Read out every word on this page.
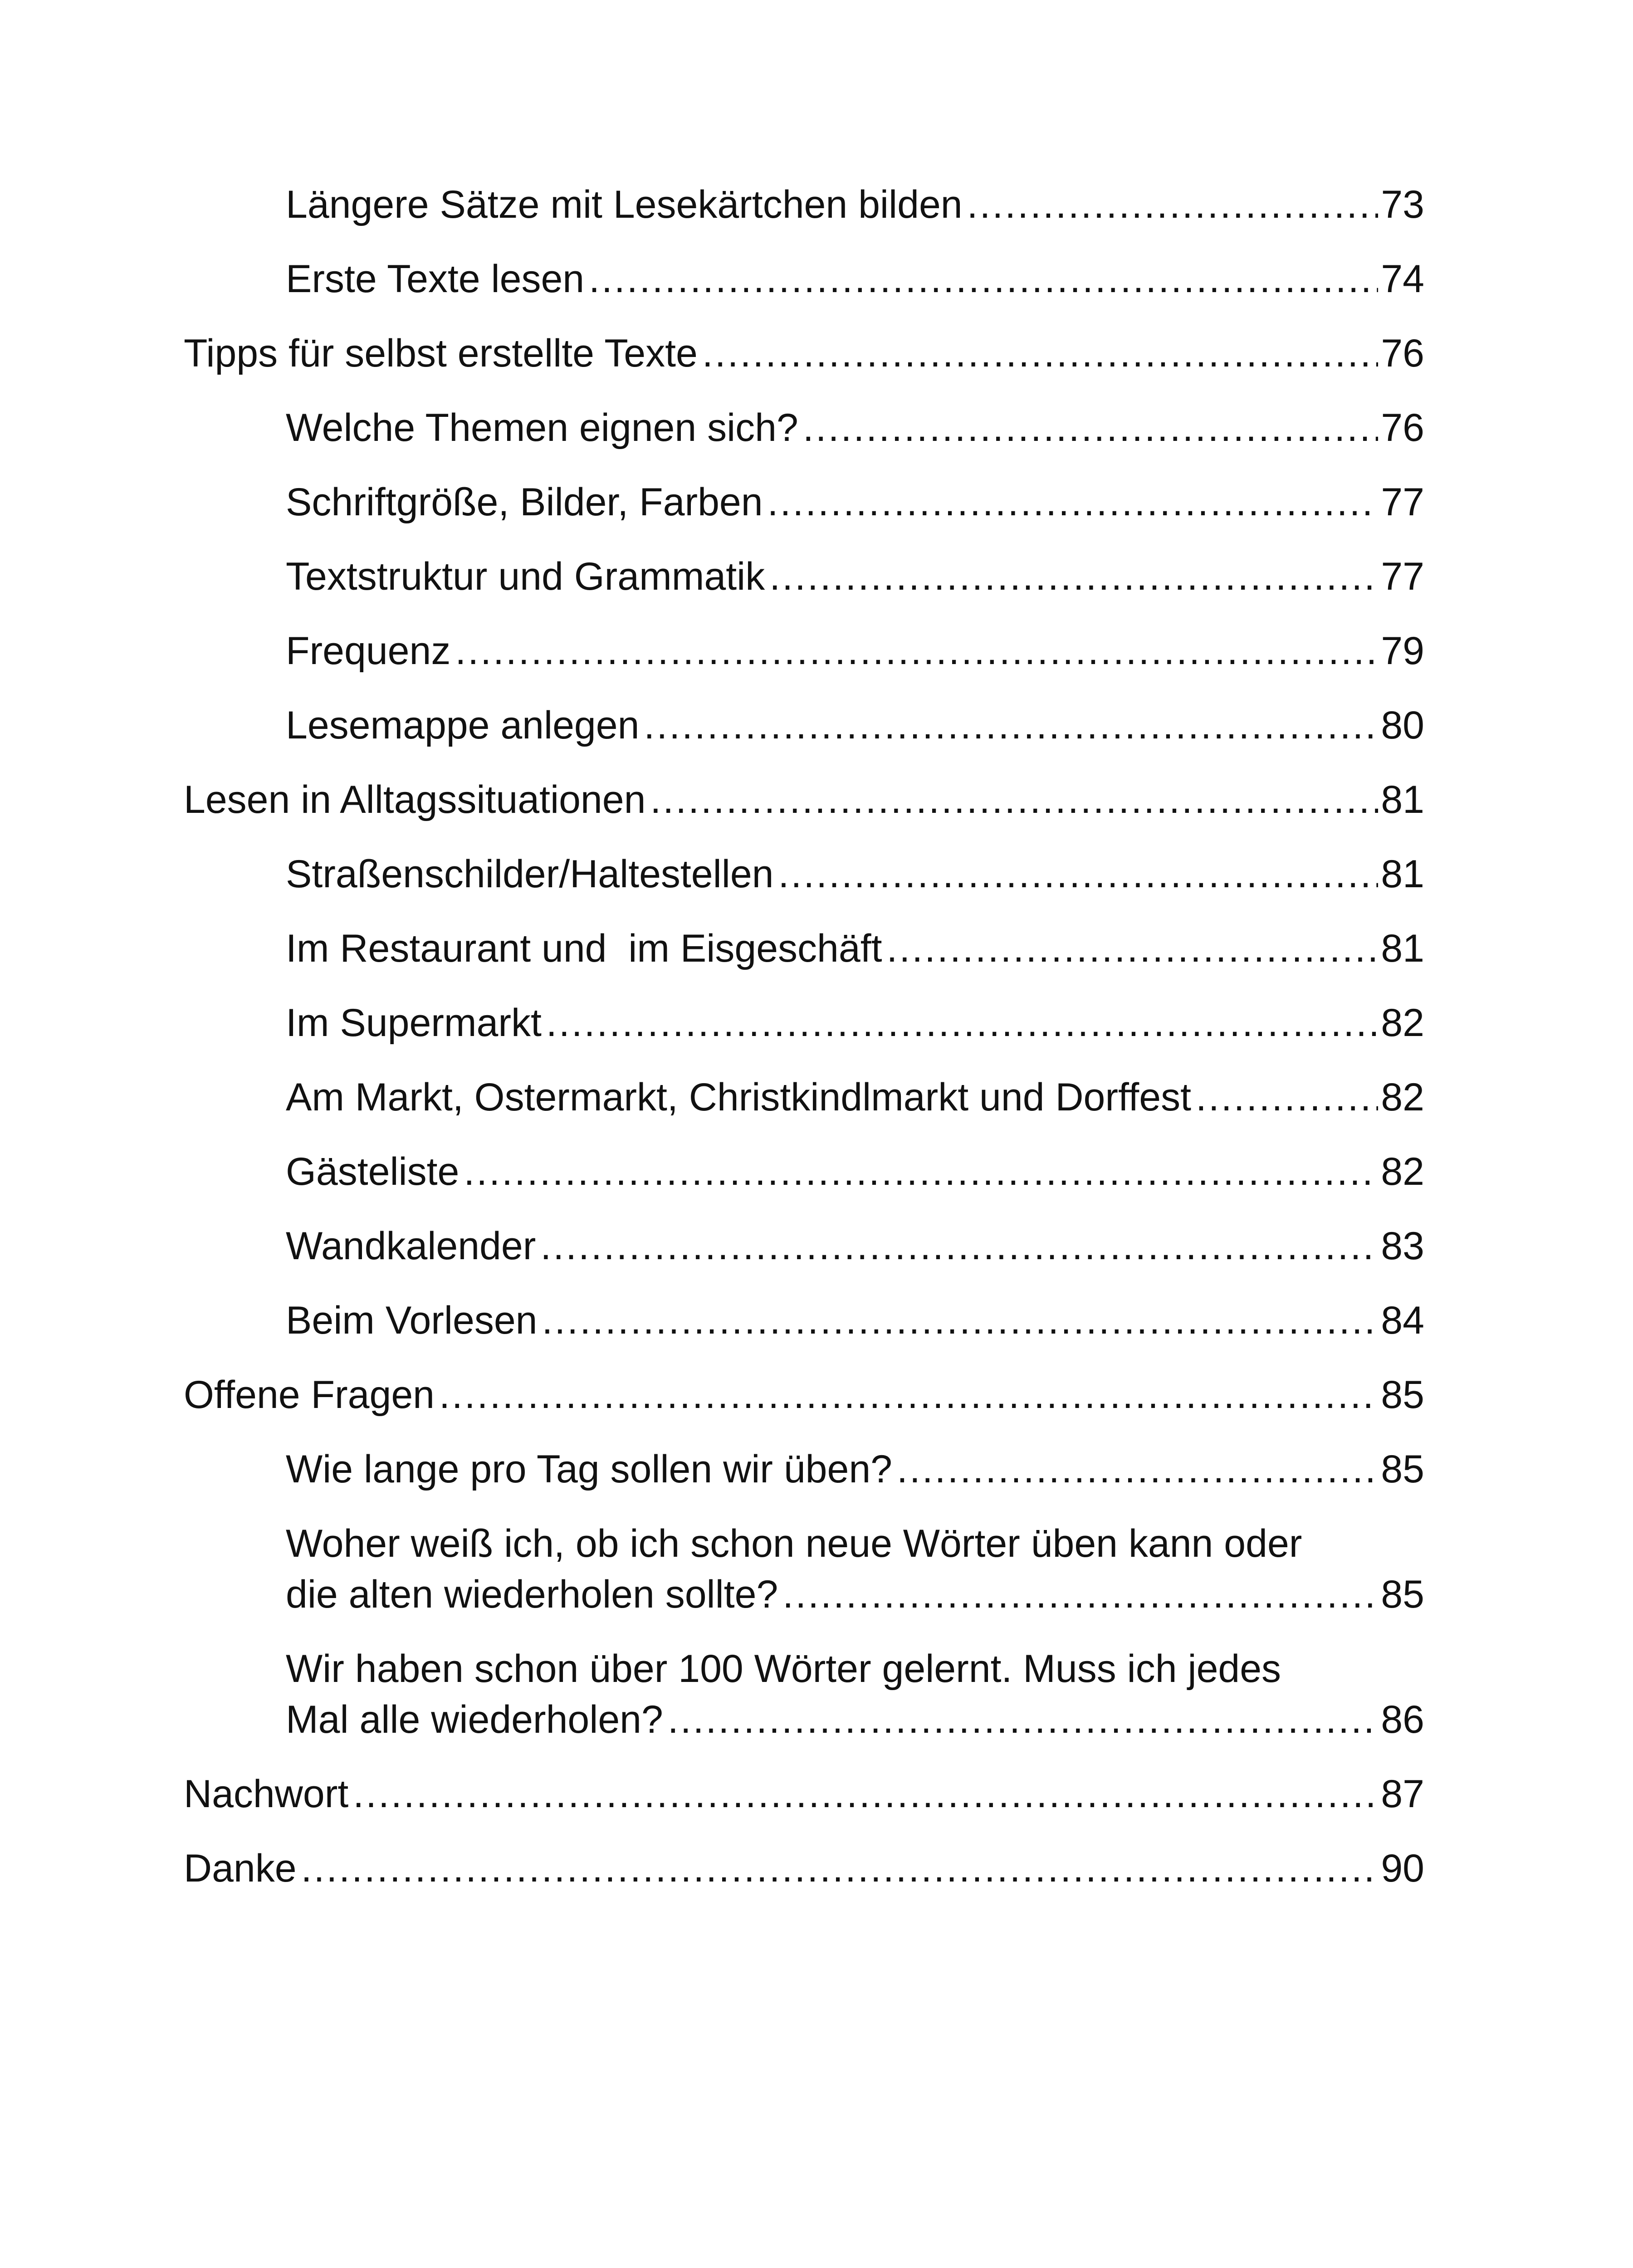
Längere Sätze mit Lesekärtchen bilden .....	73
Erste Texte lesen .....	74
Tipps für selbst erstellte Texte .....	76
Welche Themen eignen sich? .....	76
Schriftgröße, Bilder, Farben .....	77
Textstruktur und Grammatik .....	77
Frequenz .....	79
Lesemappe anlegen .....	80
Lesen in Alltagssituationen .....	81
Straßenschilder/Haltestellen .....	81
Im Restaurant und  im Eisgeschäft .....	81
Im Supermarkt .....	82
Am Markt, Ostermarkt, Christkindlmarkt und Dorffest .....	82
Gästeliste .....	82
Wandkalender .....	83
Beim Vorlesen .....	84
Offene Fragen .....	85
Wie lange pro Tag sollen wir üben? .....	85
Woher weiß ich, ob ich schon neue Wörter üben kann oder
die alten wiederholen sollte? .....	85
Wir haben schon über 100 Wörter gelernt. Muss ich jedes
Mal alle wiederholen? .....	86
Nachwort .....	87
Danke .....	90
